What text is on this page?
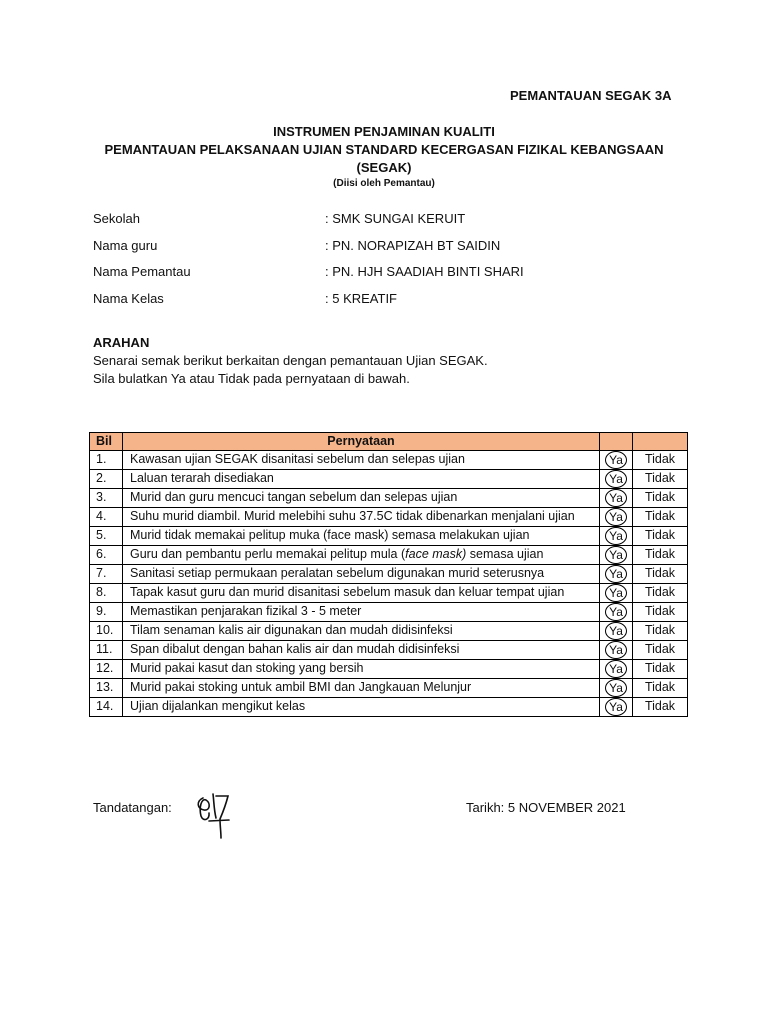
PEMANTAUAN SEGAK 3A
INSTRUMEN PENJAMINAN KUALITI
PEMANTAUAN PELAKSANAAN UJIAN STANDARD KECERGASAN FIZIKAL KEBANGSAAN
(SEGAK)
(Diisi oleh Pemantau)
Sekolah	: SMK SUNGAI KERUIT
Nama guru	: PN. NORAPIZAH BT SAIDIN
Nama Pemantau	: PN. HJH SAADIAH BINTI SHARI
Nama Kelas	: 5 KREATIF
ARAHAN
Senarai semak berikut berkaitan dengan pemantauan Ujian SEGAK.
Sila bulatkan Ya atau Tidak pada pernyataan di bawah.
Bil	Pernyataan		
1.	Kawasan ujian SEGAK disanitasi sebelum dan selepas ujian	Ya	Tidak
2.	Laluan terarah disediakan	Ya	Tidak
3.	Murid dan guru mencuci tangan sebelum dan selepas ujian	Ya	Tidak
4.	Suhu murid diambil. Murid melebihi suhu 37.5C tidak dibenarkan menjalani ujian	Ya	Tidak
5.	Murid tidak memakai pelitup muka (face mask) semasa melakukan ujian	Ya	Tidak
6.	Guru dan pembantu perlu memakai pelitup mula (face mask) semasa ujian	Ya	Tidak
7.	Sanitasi setiap permukaan peralatan sebelum digunakan murid seterusnya	Ya	Tidak
8.	Tapak kasut guru dan murid disanitasi sebelum masuk dan keluar tempat ujian	Ya	Tidak
9.	Memastikan penjarakan fizikal 3 - 5 meter	Ya	Tidak
10.	Tilam senaman kalis air digunakan dan mudah didisinfeksi	Ya	Tidak
11.	Span dibalut dengan bahan kalis air dan mudah didisinfeksi	Ya	Tidak
12.	Murid pakai kasut dan stoking yang bersih	Ya	Tidak
13.	Murid pakai stoking untuk ambil BMI dan Jangkauan Melunjur	Ya	Tidak
14.	Ujian dijalankan mengikut kelas	Ya	Tidak
Tandatangan:	Tarikh: 5 NOVEMBER 2021
